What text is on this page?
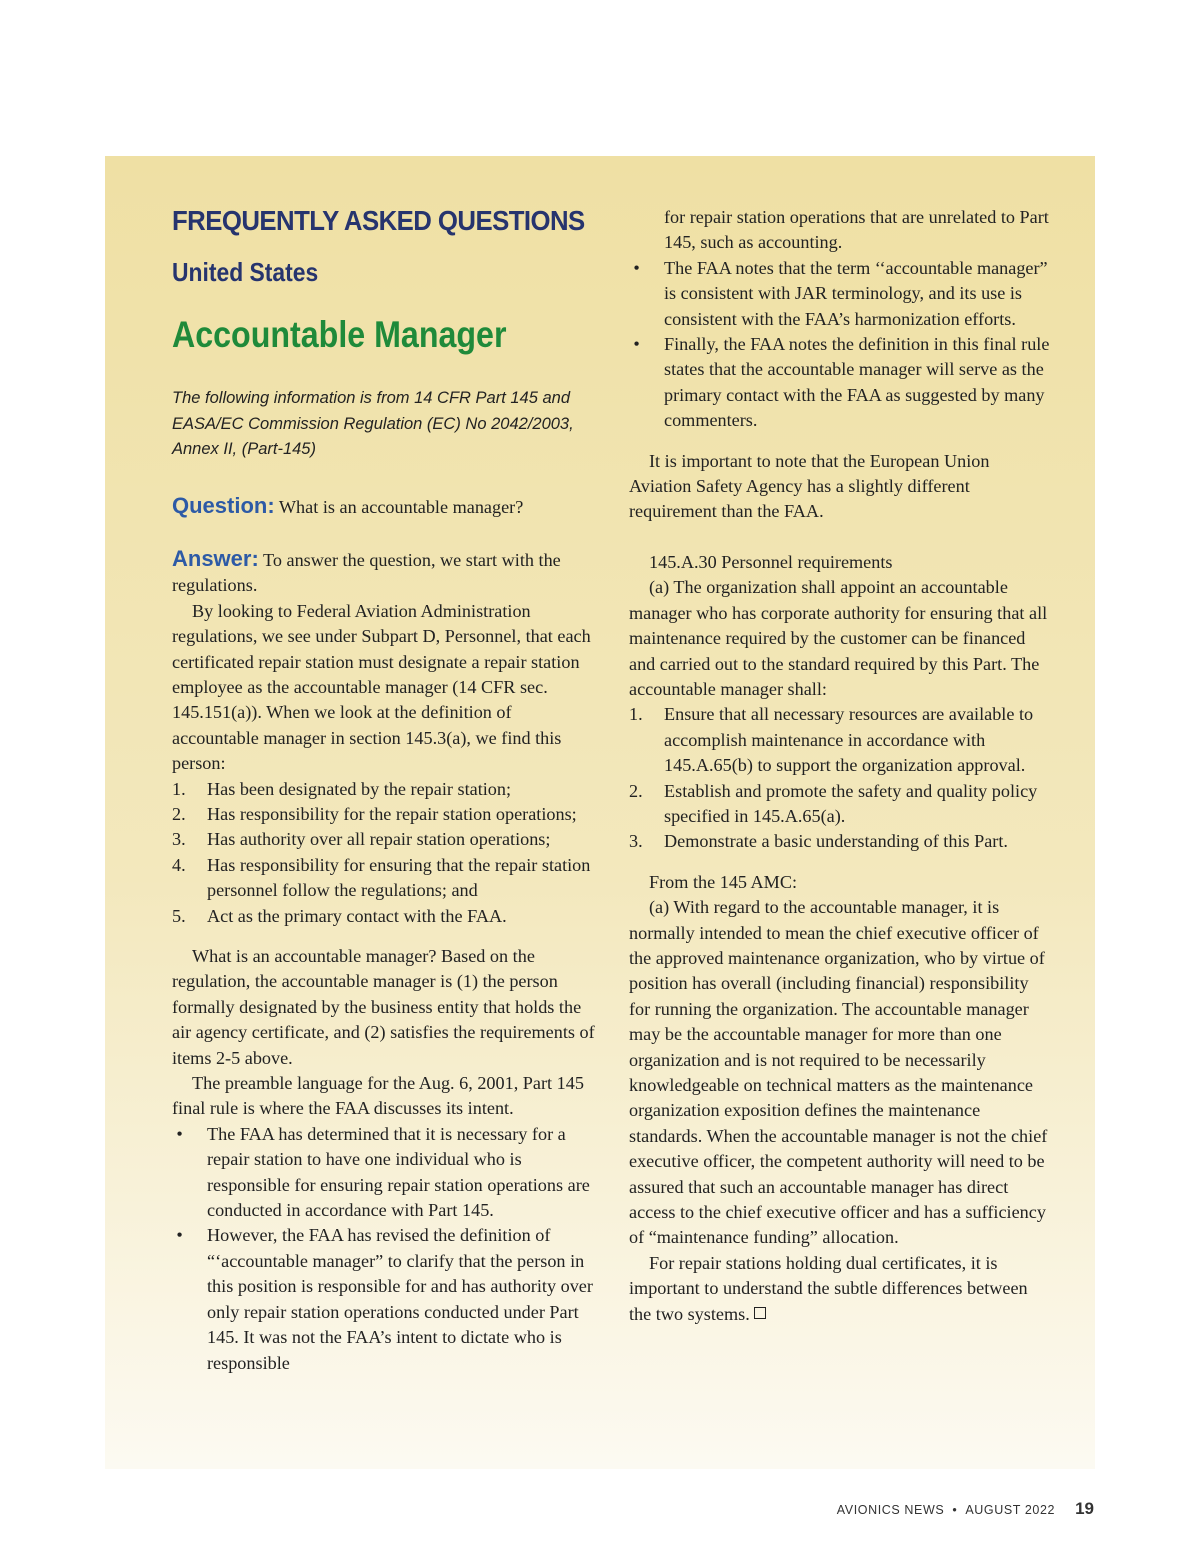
FREQUENTLY ASKED QUESTIONS
United States
Accountable Manager

The following information is from 14 CFR Part 145 and EASA/EC Commission Regulation (EC) No 2042/2003, Annex II, (Part-145)

Question: What is an accountable manager?

Answer: To answer the question, we start with the regulations.

By looking to Federal Aviation Administration regulations, we see under Subpart D, Personnel, that each certificated repair station must designate a repair station employee as the accountable manager (14 CFR sec. 145.151(a)). When we look at the definition of accountable manager in section 145.3(a), we find this person:

1.	Has been designated by the repair station;
2.	Has responsibility for the repair station operations;
3.	Has authority over all repair station operations;
4.	Has responsibility for ensuring that the repair station personnel follow the regulations; and
5.	Act as the primary contact with the FAA.

What is an accountable manager? Based on the regulation, the accountable manager is (1) the person formally designated by the business entity that holds the air agency certificate, and (2) satisfies the requirements of items 2-5 above.

The preamble language for the Aug. 6, 2001, Part 145 final rule is where the FAA discusses its intent.

• The FAA has determined that it is necessary for a repair station to have one individual who is responsible for ensuring repair station operations are conducted in accordance with Part 145.
• However, the FAA has revised the definition of “‘accountable manager” to clarify that the person in this position is responsible for and has authority over only repair station operations conducted under Part 145. It was not the FAA’s intent to dictate who is responsible
for repair station operations that are unrelated to Part 145, such as accounting.
• The FAA notes that the term ‘‘accountable manager” is consistent with JAR terminology, and its use is consistent with the FAA’s harmonization efforts.
• Finally, the FAA notes the definition in this final rule states that the accountable manager will serve as the primary contact with the FAA as suggested by many commenters.

It is important to note that the European Union Aviation Safety Agency has a slightly different requirement than the FAA.

145.A.30 Personnel requirements

(a) The organization shall appoint an accountable manager who has corporate authority for ensuring that all maintenance required by the customer can be financed and carried out to the standard required by this Part. The accountable manager shall:

1.	Ensure that all necessary resources are available to accomplish maintenance in accordance with 145.A.65(b) to support the organization approval.
2.	Establish and promote the safety and quality policy specified in 145.A.65(a).
3.	Demonstrate a basic understanding of this Part.

From the 145 AMC:

(a) With regard to the accountable manager, it is normally intended to mean the chief executive officer of the approved maintenance organization, who by virtue of position has overall (including financial) responsibility for running the organization. The accountable manager may be the accountable manager for more than one organization and is not required to be necessarily knowledgeable on technical matters as the maintenance organization exposition defines the maintenance standards. When the accountable manager is not the chief executive officer, the competent authority will need to be assured that such an accountable manager has direct access to the chief executive officer and has a sufficiency of “maintenance funding” allocation.

For repair stations holding dual certificates, it is important to understand the subtle differences between the two systems.

AVIONICS NEWS • AUGUST 2022 19
